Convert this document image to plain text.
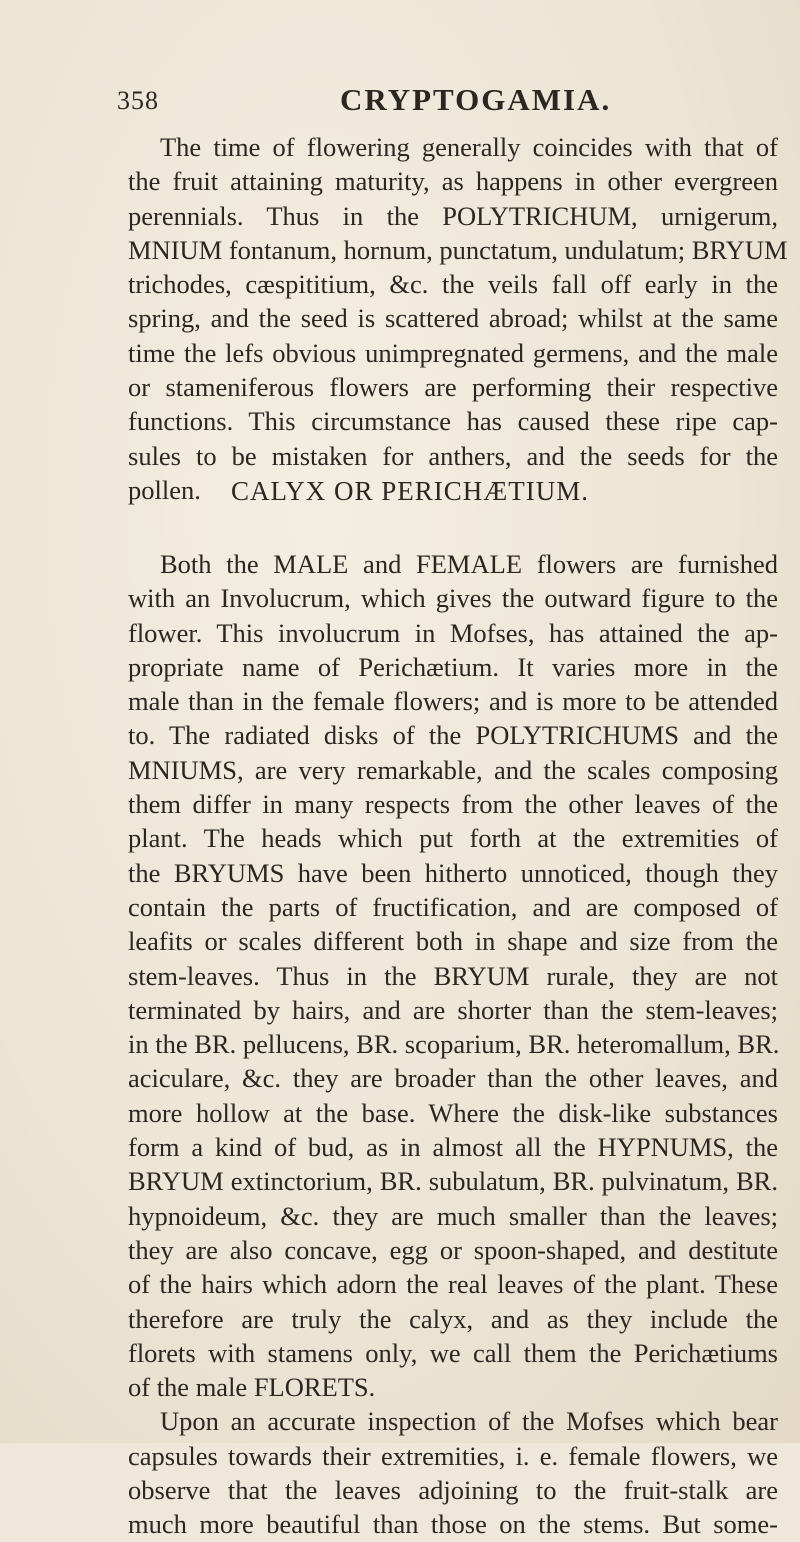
358	CRYPTOGAMIA.
The time of flowering generally coincides with that of
the fruit attaining maturity, as happens in other evergreen
perennials. Thus in the POLYTRICHUM, urnigerum,
MNIUM fontanum, hornum, punctatum, undulatum; BRYUM
trichodes, cæspititium, &c. the veils fall off early in the
spring, and the seed is scattered abroad; whilst at the same
time the lefs obvious unimpregnated germens, and the male
or stameniferous flowers are performing their respective
functions. This circumstance has caused these ripe cap-
sules to be mistaken for anthers, and the seeds for the
pollen.	CALYX OR PERICHÆTIUM.
Both the MALE and FEMALE flowers are furnished
with an Involucrum, which gives the outward figure to the
flower. This involucrum in Mofses, has attained the ap-
propriate name of Perichætium. It varies more in the
male than in the female flowers; and is more to be attended
to. The radiated disks of the POLYTRICHUMS and the
MNIUMS, are very remarkable, and the scales composing
them differ in many respects from the other leaves of the
plant. The heads which put forth at the extremities of
the BRYUMS have been hitherto unnoticed, though they
contain the parts of fructification, and are composed of
leafits or scales different both in shape and size from the
stem-leaves. Thus in the BRYUM rurale, they are not
terminated by hairs, and are shorter than the stem-leaves;
in the BR. pellucens, BR. scoparium, BR. heteromallum, BR.
aciculare, &c. they are broader than the other leaves, and
more hollow at the base. Where the disk-like substances
form a kind of bud, as in almost all the HYPNUMS, the
BRYUM extinctorium, BR. subulatum, BR. pulvinatum, BR.
hypnoideum, &c. they are much smaller than the leaves;
they are also concave, egg or spoon-shaped, and destitute
of the hairs which adorn the real leaves of the plant. These
therefore are truly the calyx, and as they include the
florets with stamens only, we call them the Perichætiums
of the male FLORETS.
Upon an accurate inspection of the Mofses which bear
capsules towards their extremities, i. e. female flowers, we
observe that the leaves adjoining to the fruit-stalk are
much more beautiful than those on the stems. But some-
